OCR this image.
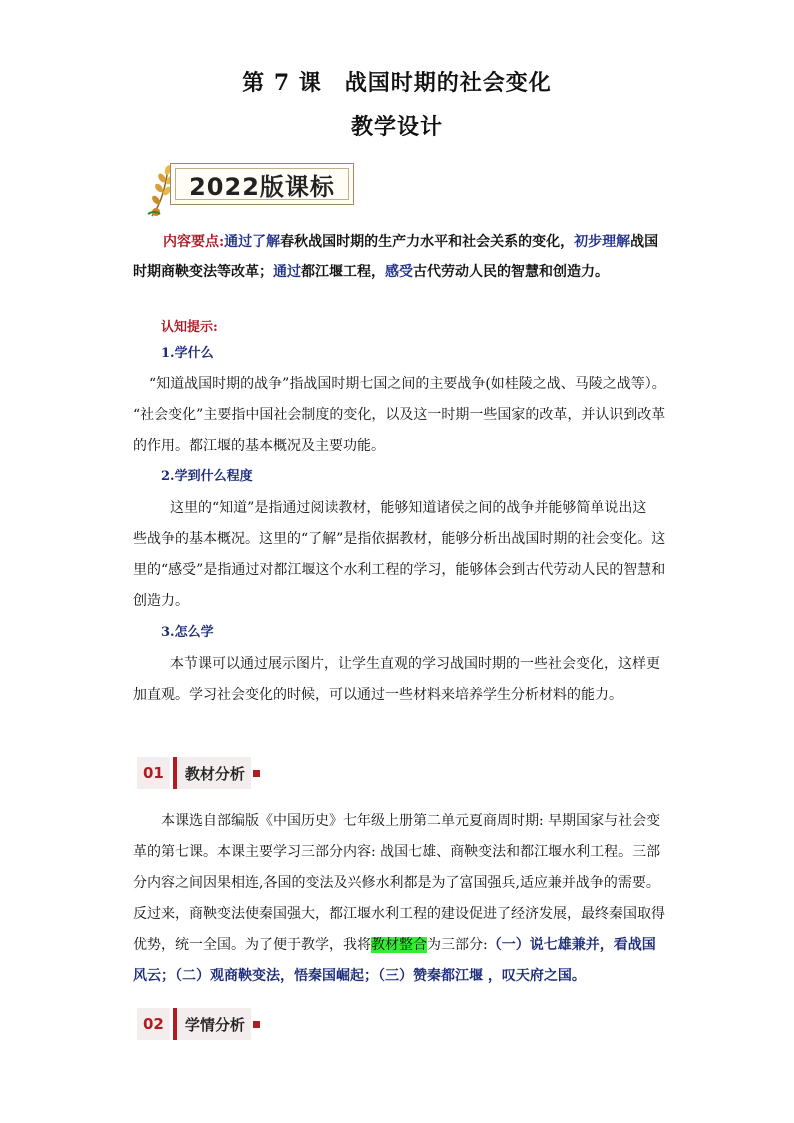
第 7 课　战国时期的社会变化
教学设计
2022版课标
内容要点:通过了解春秋战国时期的生产力水平和社会关系的变化，初步理解战国
时期商鞅变法等改革；通过都江堰工程，感受古代劳动人民的智慧和创造力。
认知提示:
1.学什么
“知道战国时期的战争”指战国时期七国之间的主要战争(如桂陵之战、马陵之战等）。
“社会变化”主要指中国社会制度的变化，以及这一时期一些国家的改革，并认识到改革
的作用。都江堰的基本概况及主要功能。
2.学到什么程度
这里的“知道”是指通过阅读教材，能够知道诸侯之间的战争并能够简单说出这
些战争的基本概况。这里的“了解”是指依据教材，能够分析出战国时期的社会变化。这
里的“感受”是指通过对都江堰这个水利工程的学习，能够体会到古代劳动人民的智慧和
创造力。
3.怎么学
本节课可以通过展示图片，让学生直观的学习战国时期的一些社会变化，这样更
加直观。学习社会变化的时候，可以通过一些材料来培养学生分析材料的能力。
01	教材分析
本课选自部编版《中国历史》七年级上册第二单元夏商周时期: 早期国家与社会变
革的第七课。本课主要学习三部分内容: 战国七雄、商鞅变法和都江堰水利工程。三部
分内容之间因果相连,各国的变法及兴修水利都是为了富国强兵,适应兼并战争的需要。
反过来，商鞅变法使秦国强大，都江堰水利工程的建设促进了经济发展，最终秦国取得
优势，统一全国。为了便于教学，我将教材整合为三部分:（一）说七雄兼并，看战国
风云；（二）观商鞅变法，悟秦国崛起；（三）赞秦都江堰 ，叹天府之国。
02	学情分析
